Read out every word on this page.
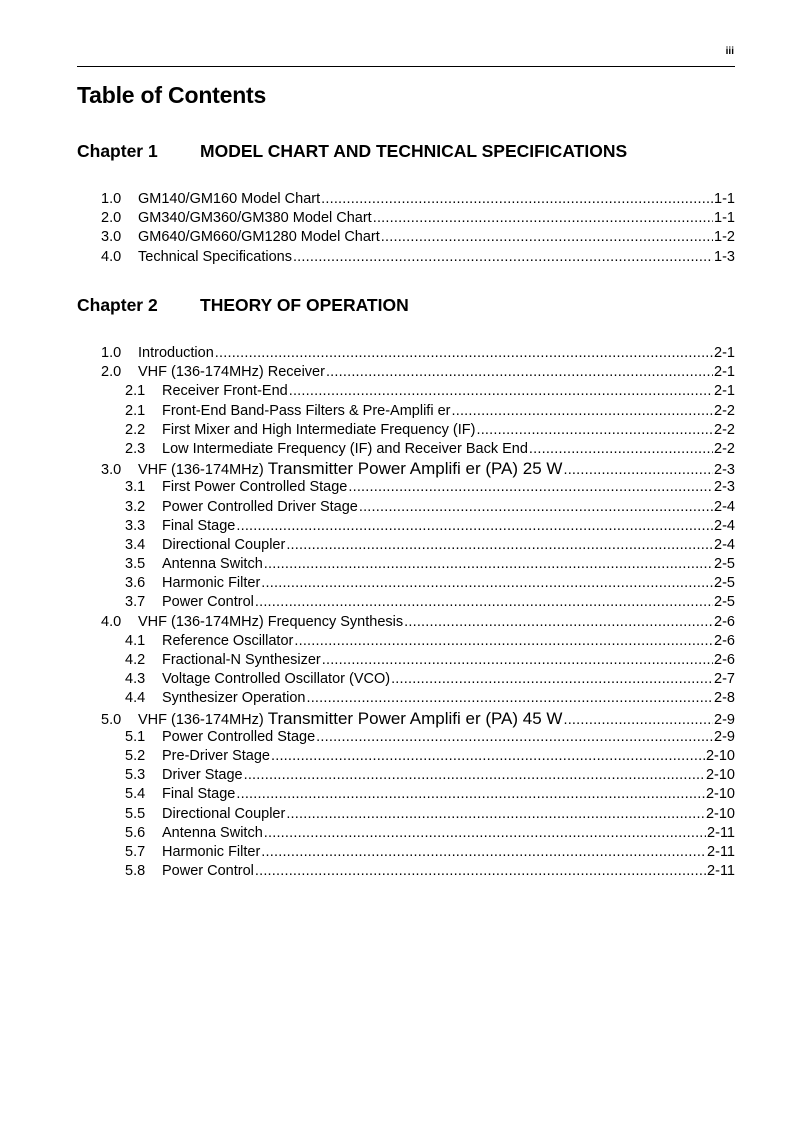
iii
Table of Contents
Chapter 1 MODEL CHART AND TECHNICAL SPECIFICATIONS
1.0	GM140/GM160 Model Chart .....	1-1
2.0	GM340/GM360/GM380 Model Chart .....	1-1
3.0	GM640/GM660/GM1280 Model Chart .....	1-2
4.0	Technical Specifications .....	1-3
Chapter 2 THEORY OF OPERATION
1.0	Introduction .....	2-1
2.0	VHF (136-174MHz) Receiver .....	2-1
2.1	Receiver Front-End .....	2-1
2.1	Front-End Band-Pass Filters & Pre-Amplifi er .....	2-2
2.2	First Mixer and High Intermediate Frequency (IF) .....	2-2
2.3	Low Intermediate Frequency (IF) and Receiver Back End .....	2-2
3.0	VHF (136-174MHz) Transmitter Power Amplifi er (PA) 25 W .....	2-3
3.1	First Power Controlled Stage .....	2-3
3.2	Power Controlled Driver Stage .....	2-4
3.3	Final Stage .....	2-4
3.4	Directional Coupler .....	2-4
3.5	Antenna Switch .....	2-5
3.6	Harmonic Filter .....	2-5
3.7	Power Control .....	2-5
4.0	VHF (136-174MHz) Frequency Synthesis .....	2-6
4.1	Reference Oscillator .....	2-6
4.2	Fractional-N Synthesizer .....	2-6
4.3	Voltage Controlled Oscillator (VCO) .....	2-7
4.4	Synthesizer Operation .....	2-8
5.0	VHF (136-174MHz) Transmitter Power Amplifi er (PA) 45 W .....	2-9
5.1	Power Controlled Stage .....	2-9
5.2	Pre-Driver Stage .....	2-10
5.3	Driver Stage .....	2-10
5.4	Final Stage .....	2-10
5.5	Directional Coupler .....	2-10
5.6	Antenna Switch .....	2-11
5.7	Harmonic Filter .....	2-11
5.8	Power Control .....	2-11
